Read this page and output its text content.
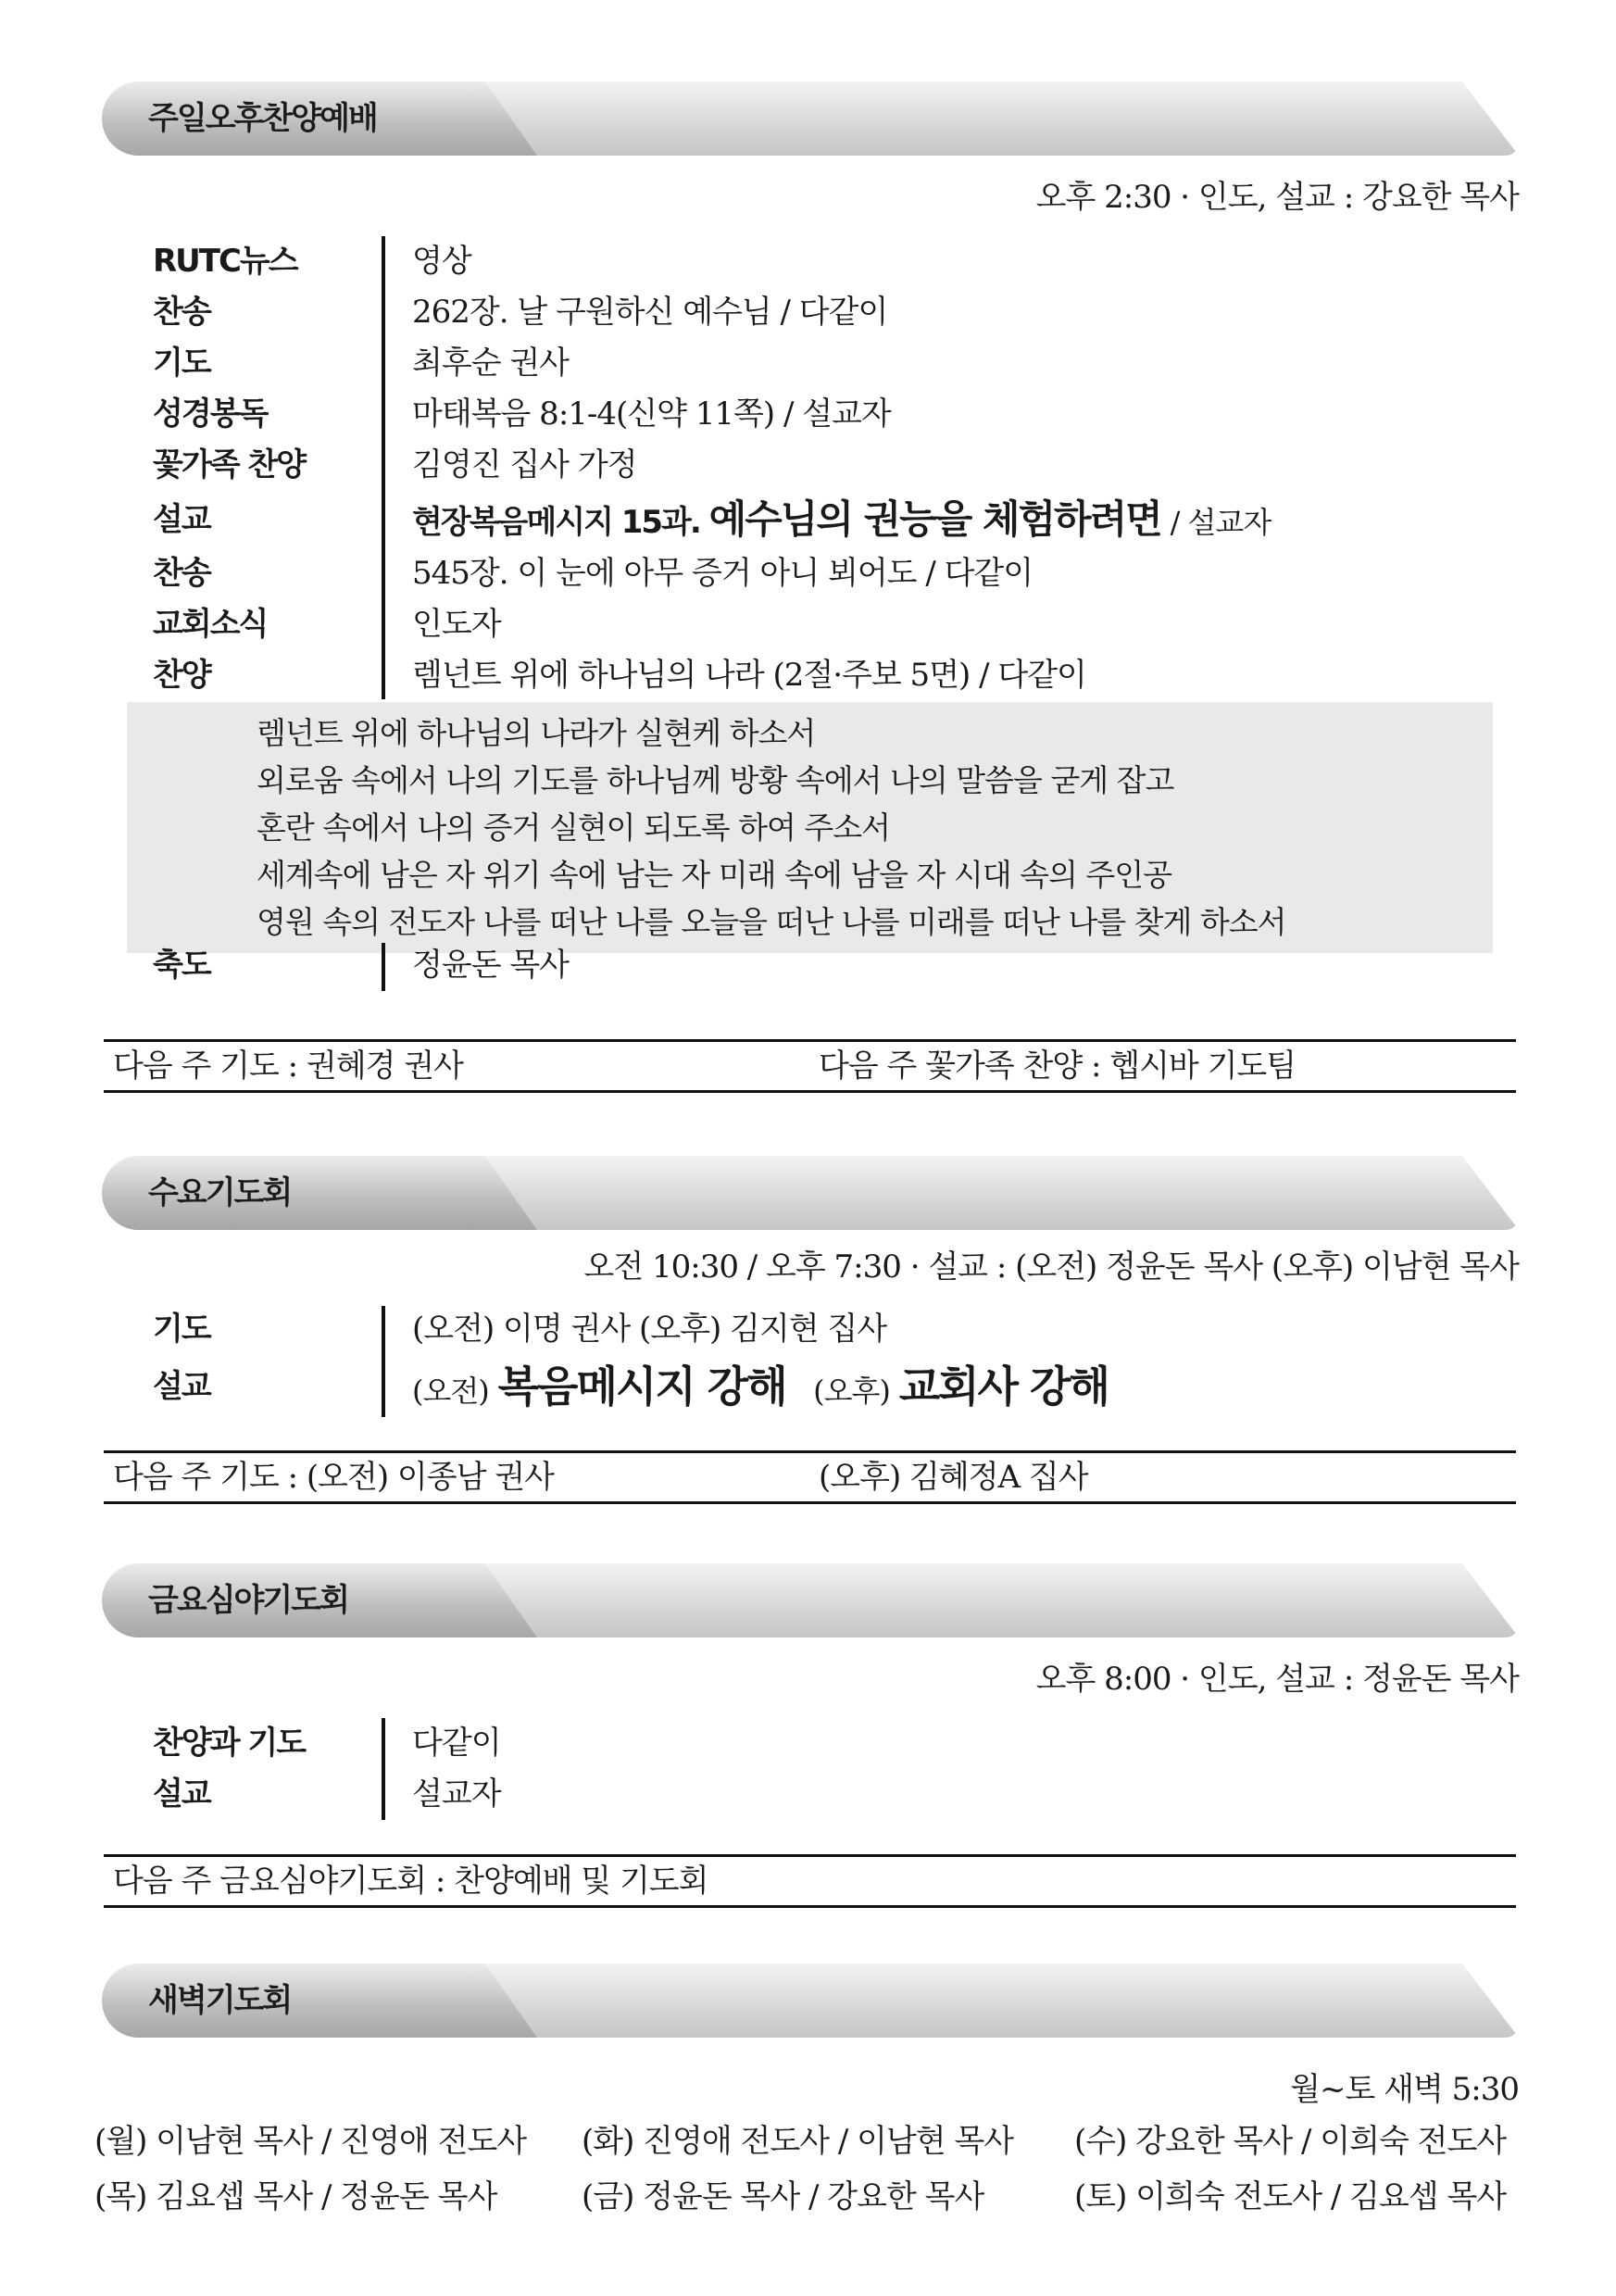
주일오후찬양예배
오후 2:30 · 인도, 설교 : 강요한 목사
RUTC뉴스	영상
찬송	262장. 날 구원하신 예수님 / 다같이
기도	최후순 권사
성경봉독	마태복음 8:1-4(신약 11쪽) / 설교자
꽃가족 찬양	김영진 집사 가정
설교	현장복음메시지 15과. 예수님의 권능을 체험하려면 / 설교자
찬송	545장. 이 눈에 아무 증거 아니 뵈어도 / 다같이
교회소식	인도자
찬양	렘넌트 위에 하나님의 나라 (2절·주보 5면) / 다같이
렘넌트 위에 하나님의 나라가 실현케 하소서
외로움 속에서 나의 기도를 하나님께 방황 속에서 나의 말씀을 굳게 잡고
혼란 속에서 나의 증거 실현이 되도록 하여 주소서
세계속에 남은 자 위기 속에 남는 자 미래 속에 남을 자 시대 속의 주인공
영원 속의 전도자 나를 떠난 나를 오늘을 떠난 나를 미래를 떠난 나를 찾게 하소서
축도	정윤돈 목사
다음 주 기도 : 권혜경 권사	다음 주 꽃가족 찬양 : 헵시바 기도팀
수요기도회
오전 10:30 / 오후 7:30 · 설교 : (오전) 정윤돈 목사 (오후) 이남현 목사
기도	(오전) 이명 권사 (오후) 김지현 집사
설교	(오전) 복음메시지 강해 (오후) 교회사 강해
다음 주 기도 : (오전) 이종남 권사	(오후) 김혜정A 집사
금요심야기도회
오후 8:00 · 인도, 설교 : 정윤돈 목사
찬양과 기도	다같이
설교	설교자
다음 주 금요심야기도회 : 찬양예배 및 기도회
새벽기도회
월~토 새벽 5:30
(월) 이남현 목사 / 진영애 전도사 (화) 진영애 전도사 / 이남현 목사 (수) 강요한 목사 / 이희숙 전도사
(목) 김요셉 목사 / 정윤돈 목사	(금) 정윤돈 목사 / 강요한 목사	(토) 이희숙 전도사 / 김요셉 목사
